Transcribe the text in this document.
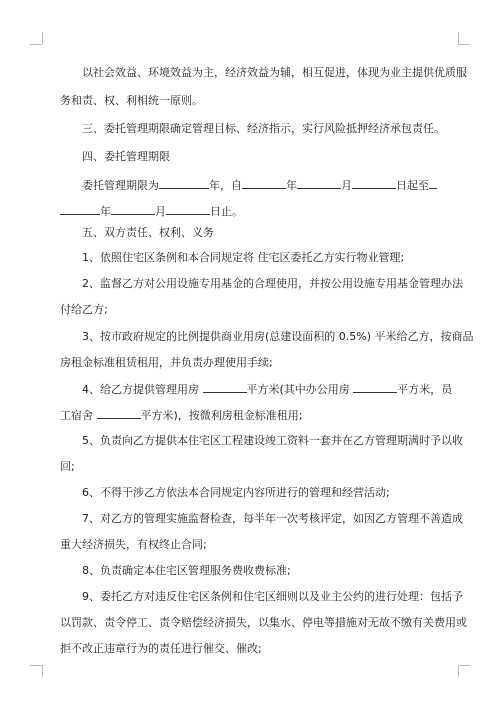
以社会效益、环境效益为主，经济效益为辅，相互促进，体现为业主提供优质服
务和责、权、利相统一原则。
三、委托管理期限确定管理目标、经济指示，实行风险抵押经济承包责任。
四、委托管理期限
委托管理期限为	年，自	年	月	日起至
年	月	日止。
五、双方责任、权利、义务
1、依照住宅区条例和本合同规定将 住宅区委托乙方实行物业管理;
2、监督乙方对公用设施专用基金的合理使用，并按公用设施专用基金管理办法
付给乙方;
3、按市政府规定的比例提供商业用房(总建设面积的 0.5%) 平米给乙方，按商品
房租金标准租赁租用，并负责办理使用手续;
4、给乙方提供管理用房	平方米(其中办公用房	平方米，员
工宿舍	平方米)，按微利房租金标准租用;
5、负责向乙方提供本住宅区工程建设竣工资料一套并在乙方管理期满时予以收
回;
6、不得干涉乙方依法本合同规定内容所进行的管理和经营活动;
7、对乙方的管理实施监督检查，每半年一次考核评定，如因乙方管理不善造成
重大经济损失，有权终止合同;
8、负责确定本住宅区管理服务费收费标准;
9、委托乙方对违反住宅区条例和住宅区细则以及业主公约的进行处理：包括予
以罚款、责令停工、责令赔偿经济损失，以集水、停电等措施对无故不缴有关费用或
拒不改正违章行为的责任进行催交、催改;
